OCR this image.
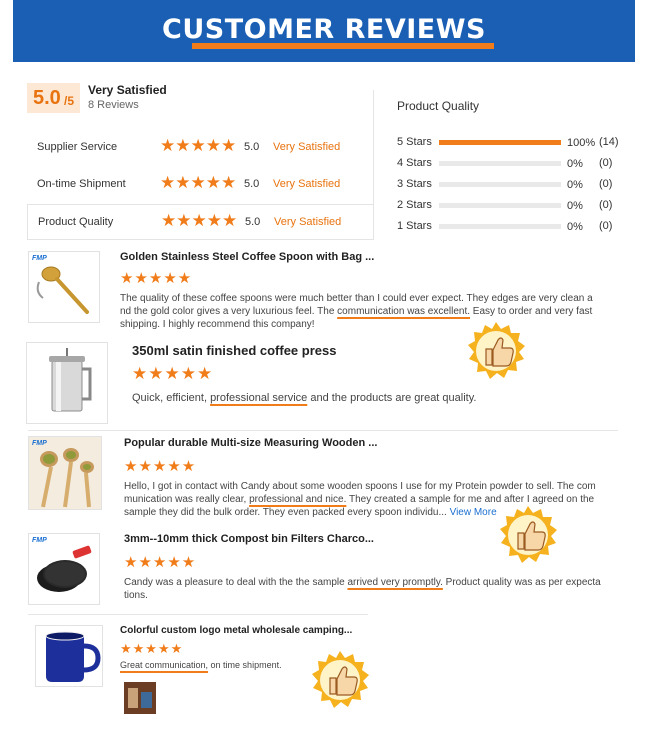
CUSTOMER REVIEWS
5.0 /5
Very Satisfied
8 Reviews
Supplier Service	★★★★★ 5.0 Very Satisfied
On-time Shipment ★★★★★ 5.0 Very Satisfied
Product Quality	★★★★★ 5.0 Very Satisfied
Product Quality
5 Stars	100% (14)
4 Stars	0% (0)
3 Stars	0% (0)
2 Stars	0% (0)
1 Stars	0% (0)
FMP	Golden Stainless Steel Coffee Spoon with Bag ...
★★★★★
The quality of these coffee spoons were much better than I could ever expect. They edges are very clean a nd the gold color gives a very luxurious feel. The communication was excellent. Easy to order and very fast shipping. I highly recommend this company!
350ml satin finished coffee press
★★★★★
Quick, efficient, professional service and the products are great quality.
FMP	Popular durable Multi-size Measuring Wooden ...
★★★★★
Hello, I got in contact with Candy about some wooden spoons I use for my Protein powder to sell. The com munication was really clear, professional and nice. They created a sample for me and after I agreed on the sample they did the bulk order. They even packed every spoon individu... View More
FMP	3mm--10mm thick Compost bin Filters Charco...
★★★★★
Candy was a pleasure to deal with the the sample arrived very promptly. Product quality was as per expecta tions.
Colorful custom logo metal wholesale camping...
★★★★★
Great communication, on time shipment.
